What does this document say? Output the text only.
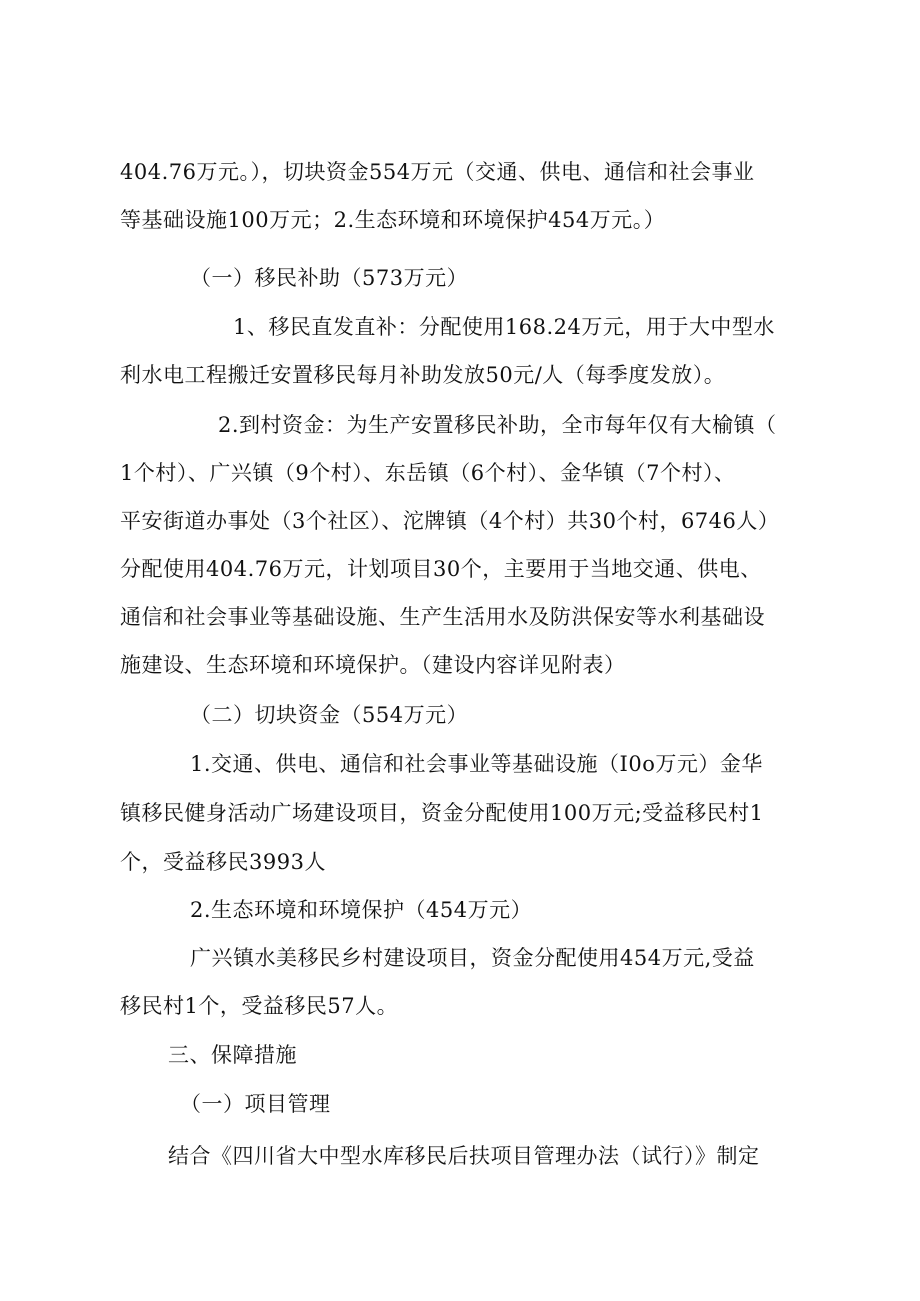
404.76万元。），切块资金554万元（交通、供电、通信和社会事业
等基础设施100万元；2.生态环境和环境保护454万元。）
（一）移民补助（573万元）
1、移民直发直补：分配使用168.24万元，用于大中型水
利水电工程搬迁安置移民每月补助发放50元/人（每季度发放）。
2.到村资金：为生产安置移民补助，全市每年仅有大榆镇（
1个村）、广兴镇（9个村）、东岳镇（6个村）、金华镇（7个村）、
平安街道办事处（3个社区）、沱牌镇（4个村）共30个村，6746人）
分配使用404.76万元，计划项目30个，主要用于当地交通、供电、
通信和社会事业等基础设施、生产生活用水及防洪保安等水利基础设
施建设、生态环境和环境保护。（建设内容详见附表）
（二）切块资金（554万元）
1.交通、供电、通信和社会事业等基础设施（I0o万元）金华
镇移民健身活动广场建设项目，资金分配使用100万元;受益移民村1
个，受益移民3993人
2.生态环境和环境保护（454万元）
广兴镇水美移民乡村建设项目，资金分配使用454万元,受益
移民村1个，受益移民57人。
三、保障措施
（一）项目管理
结合《四川省大中型水库移民后扶项目管理办法（试行）》制定
